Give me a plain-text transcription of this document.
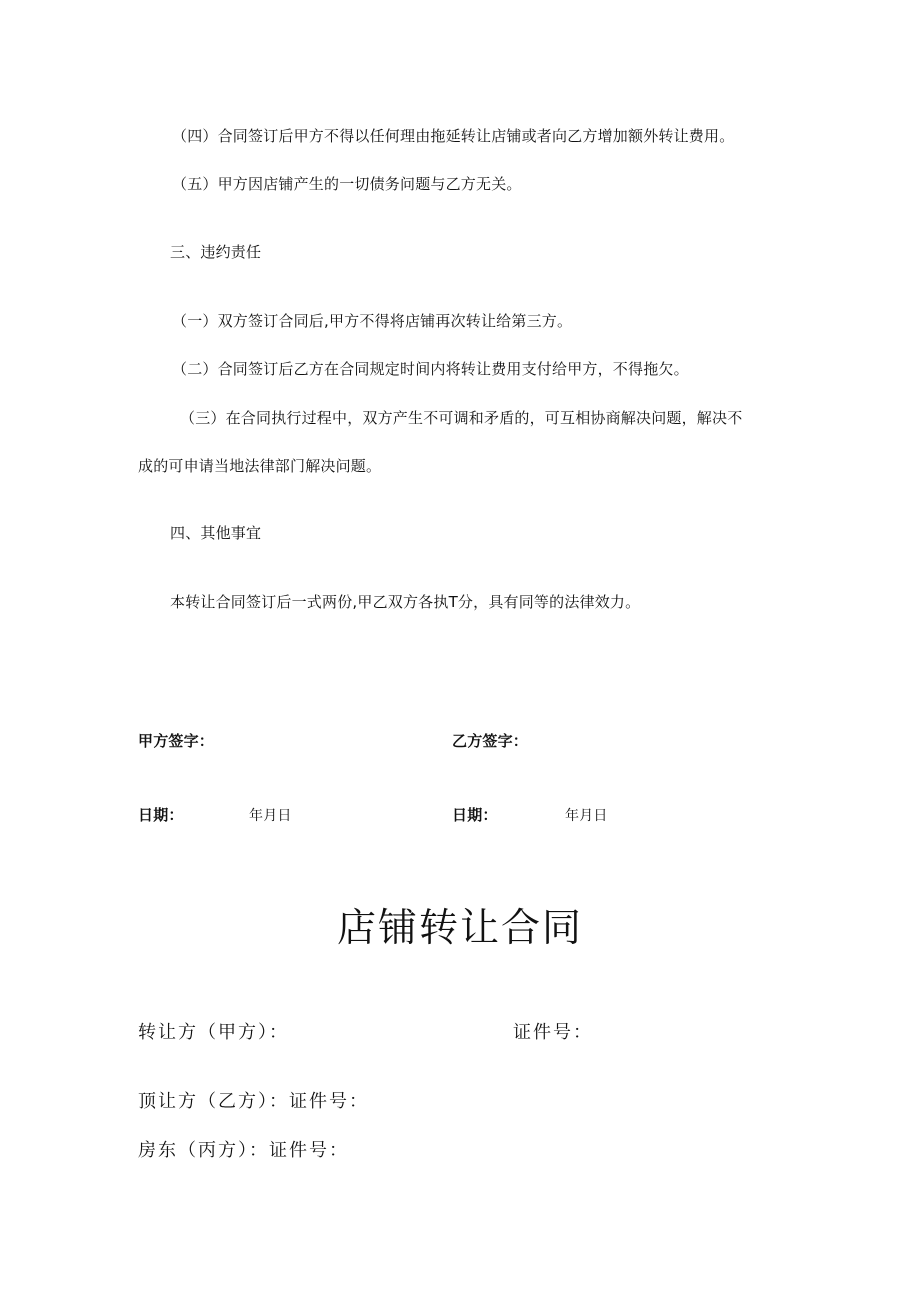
（四）合同签订后甲方不得以任何理由拖延转让店铺或者向乙方增加额外转让费用。
（五）甲方因店铺产生的一切债务问题与乙方无关。
三、违约责任
（一）双方签订合同后,甲方不得将店铺再次转让给第三方。
（二）合同签订后乙方在合同规定时间内将转让费用支付给甲方，不得拖欠。
（三）在合同执行过程中，双方产生不可调和矛盾的，可互相协商解决问题，解决不
成的可申请当地法律部门解决问题。
四、其他事宜
本转让合同签订后一式两份,甲乙双方各执T分，具有同等的法律效力。
甲方签字：	乙方签字：
日期：	年月日	日期：	年月日
店铺转让合同
转让方（甲方）：	证件号：
顶让方（乙方）：证件号：
房东（丙方）：证件号：
